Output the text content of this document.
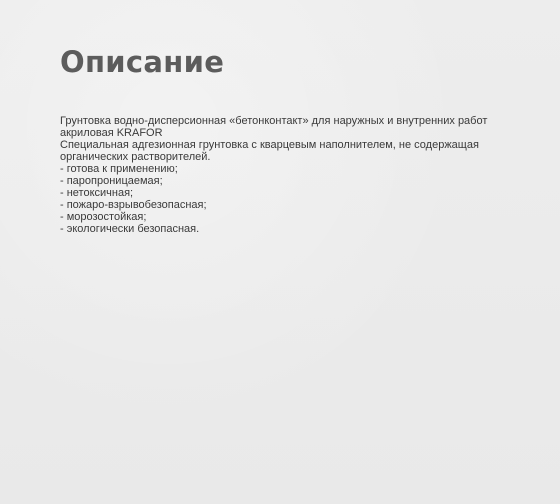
Описание
Грунтовка водно-дисперсионная «бетонконтакт» для наружных и внутренних работ
акриловая KRAFOR
Специальная адгезионная грунтовка с кварцевым наполнителем, не содержащая
органических растворителей.
- готова к применению;
- паропроницаемая;
- нетоксичная;
- пожаро-взрывобезопасная;
- морозостойкая;
- экологически безопасная.
